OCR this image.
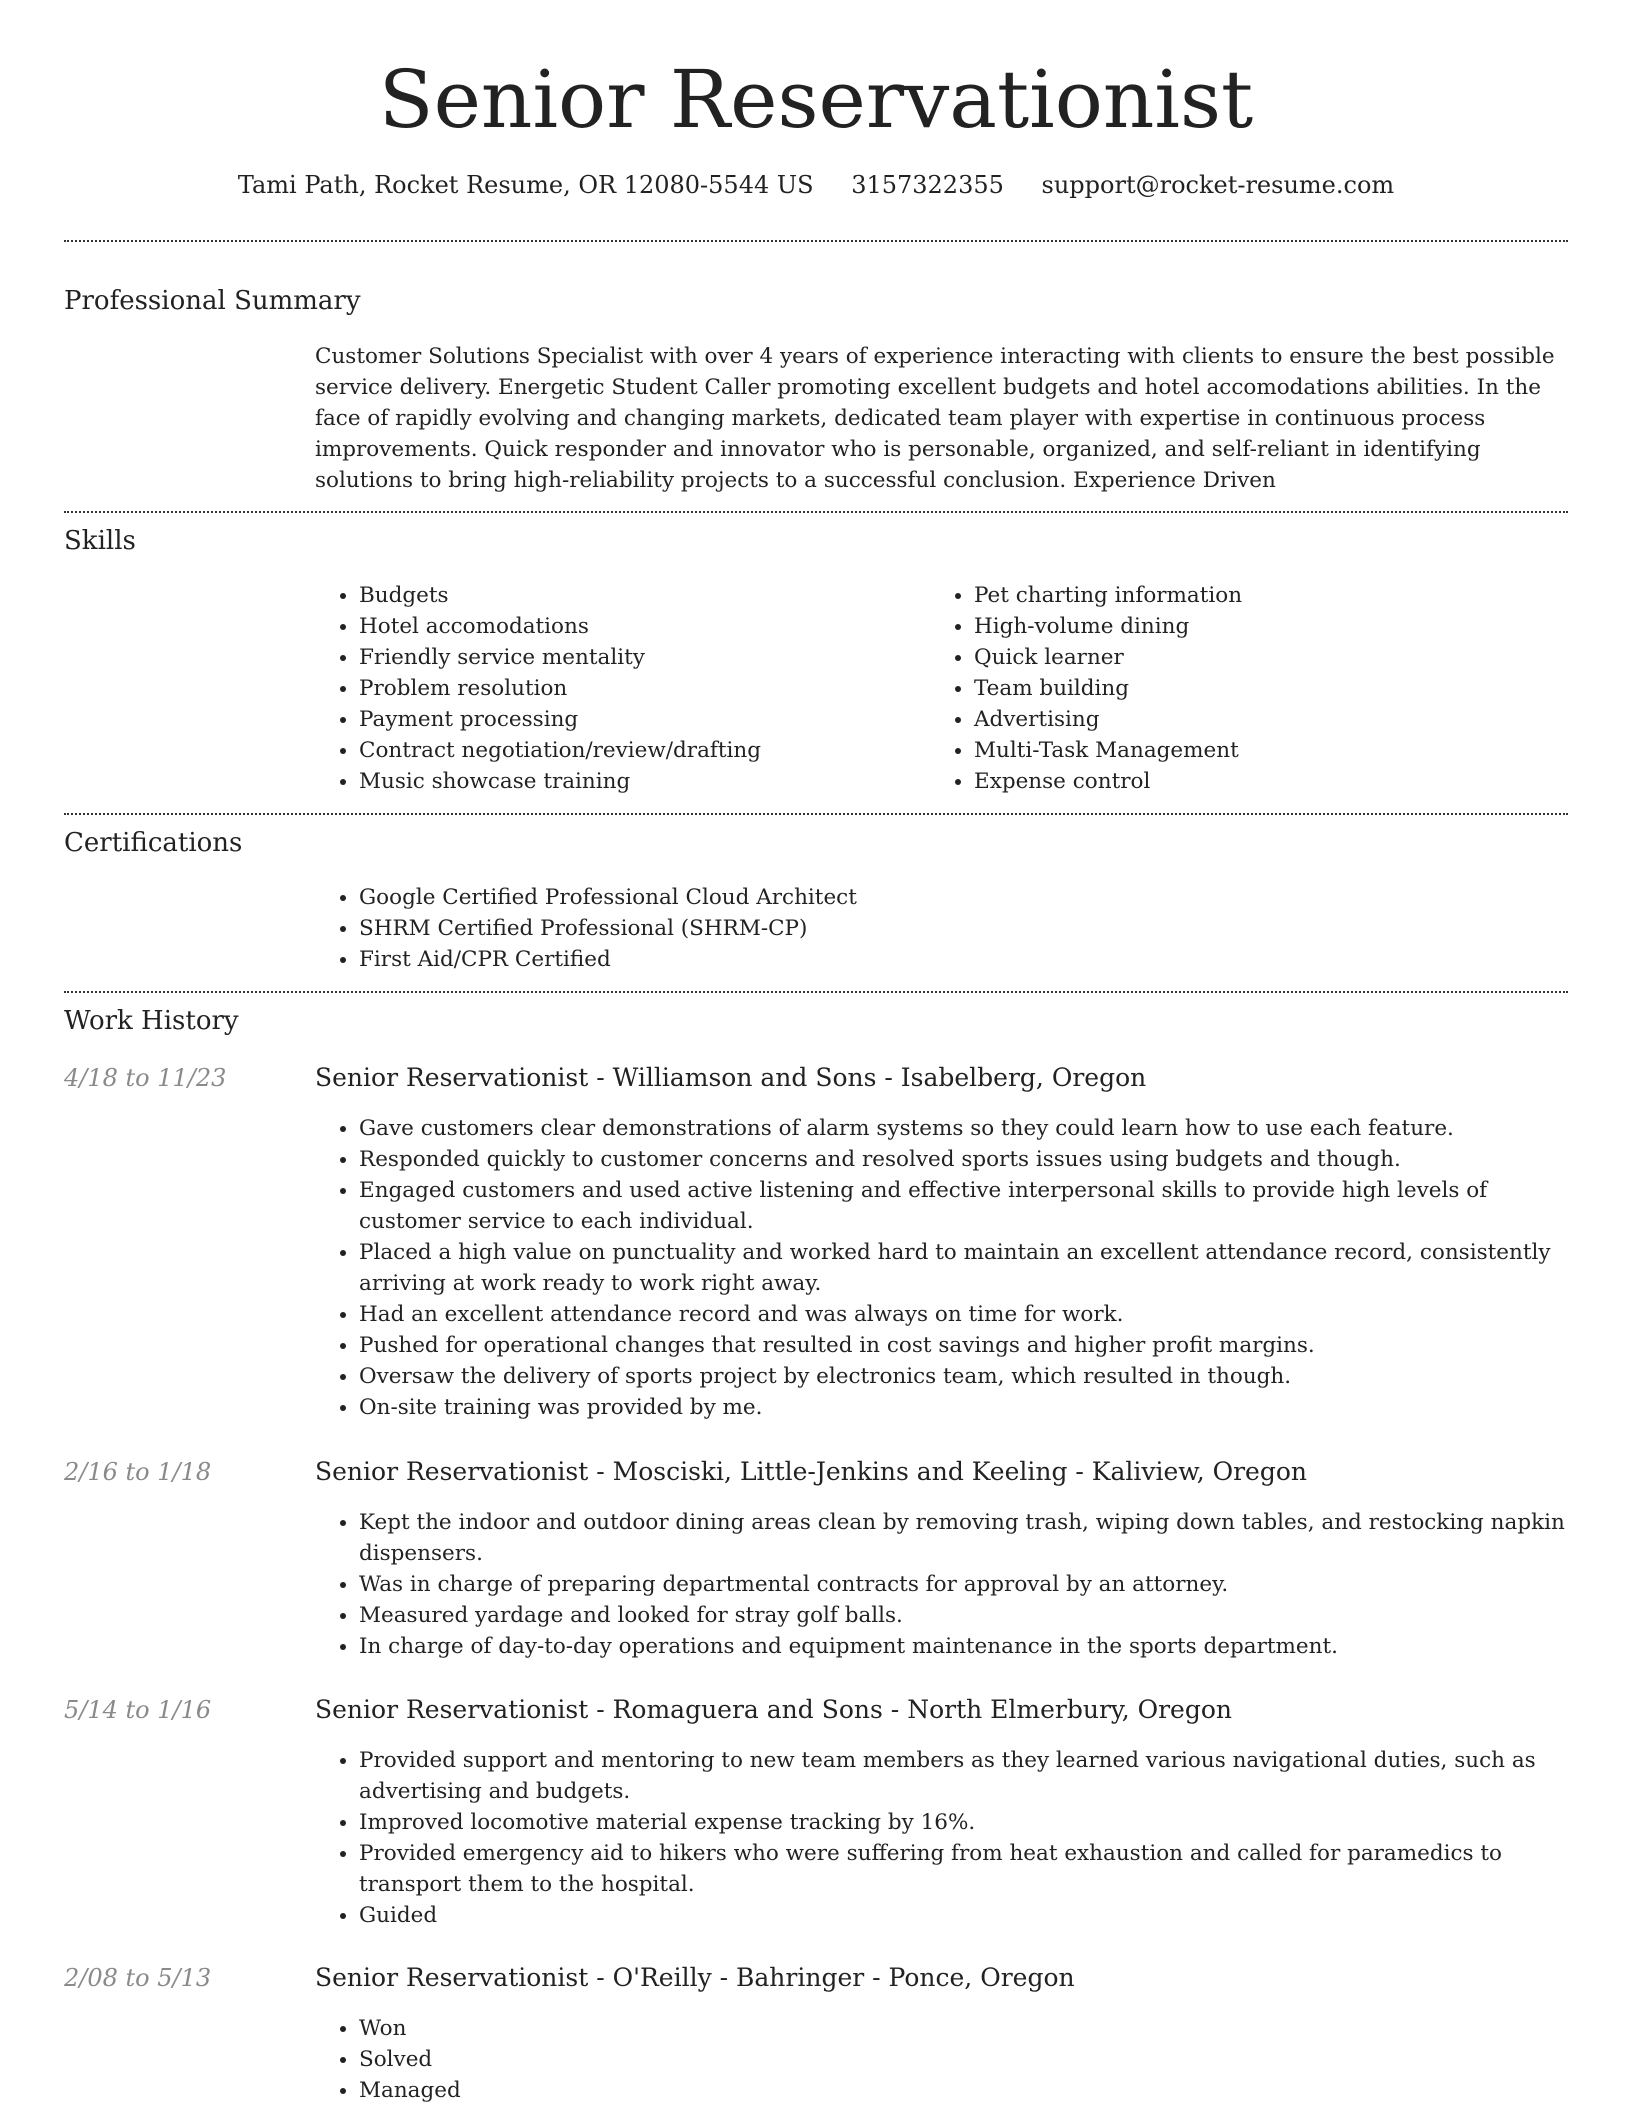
Senior Reservationist
Tami Path, Rocket Resume, OR 12080-5544 US 3157322355 support@rocket-resume.com
Professional Summary
Customer Solutions Specialist with over 4 years of experience interacting with clients to ensure the best possible service delivery. Energetic Student Caller promoting excellent budgets and hotel accomodations abilities. In the face of rapidly evolving and changing markets, dedicated team player with expertise in continuous process improvements. Quick responder and innovator who is personable, organized, and self-reliant in identifying solutions to bring high-reliability projects to a successful conclusion. Experience Driven
Skills
• Budgets
• Hotel accomodations
• Friendly service mentality
• Problem resolution
• Payment processing
• Contract negotiation/review/drafting
• Music showcase training
• Pet charting information
• High-volume dining
• Quick learner
• Team building
• Advertising
• Multi-Task Management
• Expense control
Certifications
• Google Certified Professional Cloud Architect
• SHRM Certified Professional (SHRM-CP)
• First Aid/CPR Certified
Work History
4/18 to 11/23	Senior Reservationist - Williamson and Sons - Isabelberg, Oregon
• Gave customers clear demonstrations of alarm systems so they could learn how to use each feature.
• Responded quickly to customer concerns and resolved sports issues using budgets and though.
• Engaged customers and used active listening and effective interpersonal skills to provide high levels of customer service to each individual.
• Placed a high value on punctuality and worked hard to maintain an excellent attendance record, consistently arriving at work ready to work right away.
• Had an excellent attendance record and was always on time for work.
• Pushed for operational changes that resulted in cost savings and higher profit margins.
• Oversaw the delivery of sports project by electronics team, which resulted in though.
• On-site training was provided by me.
2/16 to 1/18	Senior Reservationist - Mosciski, Little-Jenkins and Keeling - Kaliview, Oregon
• Kept the indoor and outdoor dining areas clean by removing trash, wiping down tables, and restocking napkin dispensers.
• Was in charge of preparing departmental contracts for approval by an attorney.
• Measured yardage and looked for stray golf balls.
• In charge of day-to-day operations and equipment maintenance in the sports department.
5/14 to 1/16	Senior Reservationist - Romaguera and Sons - North Elmerbury, Oregon
• Provided support and mentoring to new team members as they learned various navigational duties, such as advertising and budgets.
• Improved locomotive material expense tracking by 16%.
• Provided emergency aid to hikers who were suffering from heat exhaustion and called for paramedics to transport them to the hospital.
• Guided
2/08 to 5/13	Senior Reservationist - O'Reilly - Bahringer - Ponce, Oregon
• Won
• Solved
• Managed
